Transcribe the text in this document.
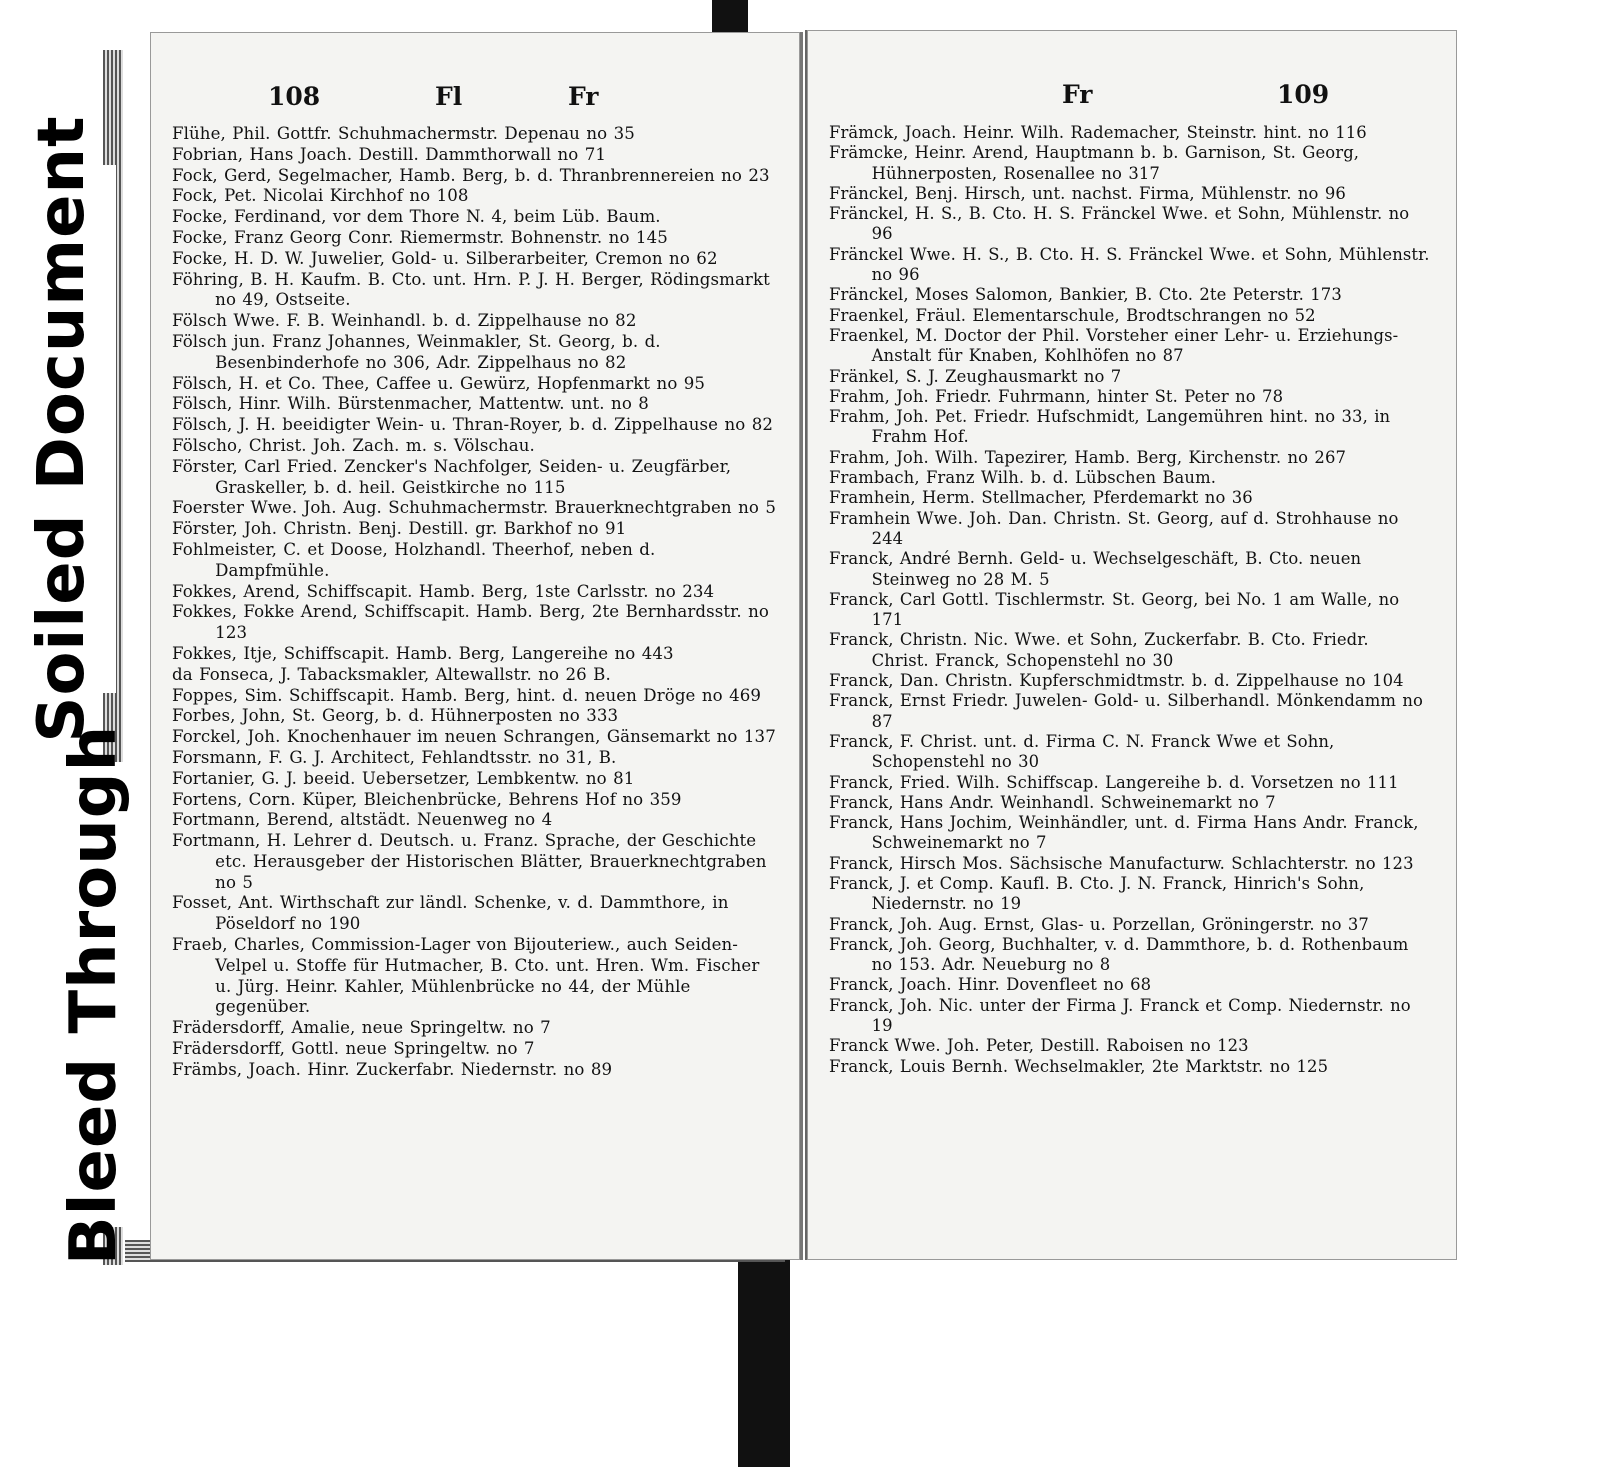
108	Fl	Fr

Flühe, Phil. Gottfr. Schuhmachermstr. Depenau no 35

Fobrian, Hans Joach. Destill. Dammthorwall no 71

Fock, Gerd, Segelmacher, Hamb. Berg, b. d. Thranbrennereien no 23

Fock, Pet. Nicolai Kirchhof no 108

Focke, Ferdinand, vor dem Thore N. 4, beim Lüb. Baum.

Focke, Franz Georg Conr. Riemermstr. Bohnenstr. no 145

Focke, H. D. W. Juwelier, Gold- u. Silberarbeiter, Cremon no 62

Föhring, B. H. Kaufm. B. Cto. unt. Hrn. P. J. H. Berger, Rödingsmarkt no 49, Ostseite.

Fölsch Wwe. F. B. Weinhandl. b. d. Zippelhause no 82

Fölsch jun. Franz Johannes, Weinmakler, St. Georg, b. d. Besenbinderhofe no 306, Adr. Zippelhaus no 82

Fölsch, H. et Co. Thee, Caffee u. Gewürz, Hopfenmarkt no 95

Fölsch, Hinr. Wilh. Bürstenmacher, Mattentw. unt. no 8

Fölsch, J. H. beeidigter Wein- u. Thran-Royer, b. d. Zippelhause no 82

Fölscho, Christ. Joh. Zach. m. s. Völschau.

Förster, Carl Fried. Zencker's Nachfolger, Seiden- u. Zeugfärber, Graskeller, b. d. heil. Geistkirche no 115

Foerster Wwe. Joh. Aug. Schuhmachermstr. Brauerknechtgraben no 5

Förster, Joh. Christn. Benj. Destill. gr. Barkhof no 91

Fohlmeister, C. et Doose, Holzhandl. Theerhof, neben d. Dampfmühle.

Fokkes, Arend, Schiffscapit. Hamb. Berg, 1ste Carlsstr. no 234

Fokkes, Fokke Arend, Schiffscapit. Hamb. Berg, 2te Bernhardsstr. no 123

Fokkes, Itje, Schiffscapit. Hamb. Berg, Langereihe no 443

da Fonseca, J. Tabacksmakler, Altewallstr. no 26 B.

Foppes, Sim. Schiffscapit. Hamb. Berg, hint. d. neuen Dröge no 469

Forbes, John, St. Georg, b. d. Hühnerposten no 333

Forckel, Joh. Knochenhauer im neuen Schrangen, Gänsemarkt no 137

Forsmann, F. G. J. Architect, Fehlandtsstr. no 31, B.

Fortanier, G. J. beeid. Uebersetzer, Lembkentw. no 81

Fortens, Corn. Küper, Bleichenbrücke, Behrens Hof no 359

Fortmann, Berend, altstädt. Neuenweg no 4

Fortmann, H. Lehrer d. Deutsch. u. Franz. Sprache, der Geschichte etc. Herausgeber der Historischen Blätter, Brauerknechtgraben no 5

Fosset, Ant. Wirthschaft zur ländl. Schenke, v. d. Dammthore, in Pöseldorf no 190

Fraeb, Charles, Commission-Lager von Bijouteriew., auch Seiden-Velpel u. Stoffe für Hutmacher, B. Cto. unt. Hren. Wm. Fischer u. Jürg. Heinr. Kahler, Mühlenbrücke no 44, der Mühle gegenüber.

Frädersdorff, Amalie, neue Springeltw. no 7

Frädersdorff, Gottl. neue Springeltw. no 7

Främbs, Joach. Hinr. Zuckerfabr. Niedernstr. no 89

Fr	109

Främck, Joach. Heinr. Wilh. Rademacher, Steinstr. hint. no 116

Främcke, Heinr. Arend, Hauptmann b. b. Garnison, St. Georg, Hühnerposten, Rosenallee no 317

Fränckel, Benj. Hirsch, unt. nachst. Firma, Mühlenstr. no 96

Fränckel, H. S., B. Cto. H. S. Fränckel Wwe. et Sohn, Mühlenstr. no 96

Fränckel Wwe. H. S., B. Cto. H. S. Fränckel Wwe. et Sohn, Mühlenstr. no 96

Fränckel, Moses Salomon, Bankier, B. Cto. 2te Peterstr. 173

Fraenkel, Fräul. Elementarschule, Brodtschrangen no 52

Fraenkel, M. Doctor der Phil. Vorsteher einer Lehr- u. Erziehungs-Anstalt für Knaben, Kohlhöfen no 87

Fränkel, S. J. Zeughausmarkt no 7

Frahm, Joh. Friedr. Fuhrmann, hinter St. Peter no 78

Frahm, Joh. Pet. Friedr. Hufschmidt, Langemühren hint. no 33, in Frahm Hof.

Frahm, Joh. Wilh. Tapezirer, Hamb. Berg, Kirchenstr. no 267

Frambach, Franz Wilh. b. d. Lübschen Baum.

Framhein, Herm. Stellmacher, Pferdemarkt no 36

Framhein Wwe. Joh. Dan. Christn. St. Georg, auf d. Strohhause no 244

Franck, André Bernh. Geld- u. Wechselgeschäft, B. Cto. neuen Steinweg no 28 M. 5

Franck, Carl Gottl. Tischlermstr. St. Georg, bei No. 1 am Walle, no 171

Franck, Christn. Nic. Wwe. et Sohn, Zuckerfabr. B. Cto. Friedr. Christ. Franck, Schopenstehl no 30

Franck, Dan. Christn. Kupferschmidtmstr. b. d. Zippelhause no 104

Franck, Ernst Friedr. Juwelen- Gold- u. Silberhandl. Mönkendamm no 87

Franck, F. Christ. unt. d. Firma C. N. Franck Wwe et Sohn, Schopenstehl no 30

Franck, Fried. Wilh. Schiffscap. Langereihe b. d. Vorsetzen no 111

Franck, Hans Andr. Weinhandl. Schweinemarkt no 7

Franck, Hans Jochim, Weinhändler, unt. d. Firma Hans Andr. Franck, Schweinemarkt no 7

Franck, Hirsch Mos. Sächsische Manufacturw. Schlachterstr. no 123

Franck, J. et Comp. Kaufl. B. Cto. J. N. Franck, Hinrich's Sohn, Niedernstr. no 19

Franck, Joh. Aug. Ernst, Glas- u. Porzellan, Gröningerstr. no 37

Franck, Joh. Georg, Buchhalter, v. d. Dammthore, b. d. Rothenbaum no 153. Adr. Neueburg no 8

Franck, Joach. Hinr. Dovenfleet no 68

Franck, Joh. Nic. unter der Firma J. Franck et Comp. Niedernstr. no 19

Franck Wwe. Joh. Peter, Destill. Raboisen no 123

Franck, Louis Bernh. Wechselmakler, 2te Marktstr. no 125

Soiled Document
Bleed Through
